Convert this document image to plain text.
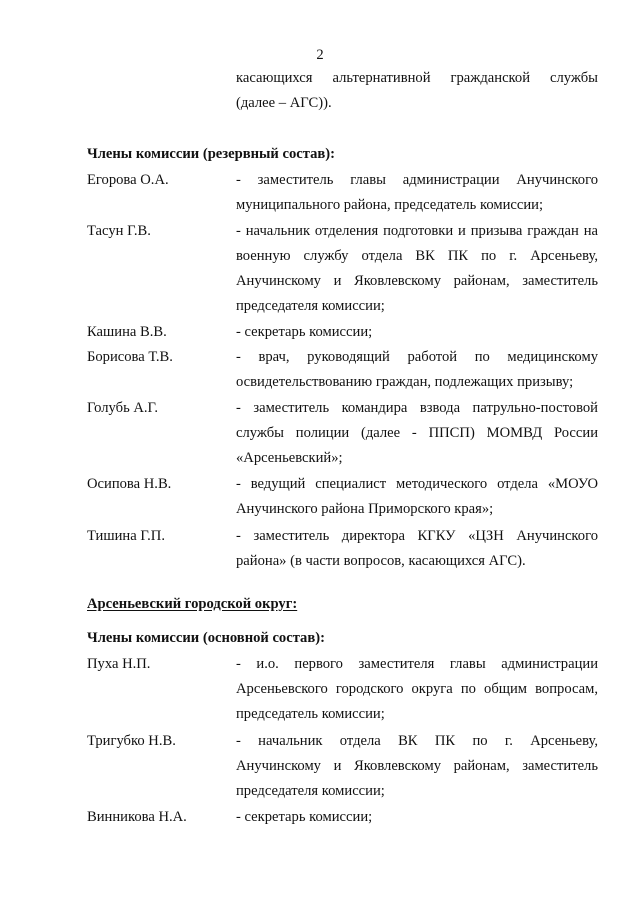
2
касающихся альтернативной гражданской службы
(далее – АГС)).
Члены комиссии (резервный состав):
Егорова О.А.	- заместитель главы администрации Анучинского
муниципального района, председатель комиссии;
Тасун Г.В.	- начальник отделения подготовки и призыва граждан на
военную службу отдела ВК ПК по г. Арсеньеву,
Анучинскому и Яковлевскому районам, заместитель
председателя комиссии;
Кашина В.В.	- секретарь комиссии;
Борисова Т.В.	- врач, руководящий работой по медицинскому
освидетельствованию граждан, подлежащих призыву;
Голубь А.Г.	- заместитель командира взвода патрульно-постовой
службы полиции (далее - ППСП) МОМВД России
«Арсеньевский»;
Осипова Н.В.	- ведущий специалист методического отдела «МОУО
Анучинского района Приморского края»;
Тишина Г.П.	- заместитель директора КГКУ «ЦЗН Анучинского
района» (в части вопросов, касающихся АГС).
Арсеньевский городской округ:
Члены комиссии (основной состав):
Пуха Н.П.	- и.о. первого заместителя главы администрации
Арсеньевского городского округа по общим вопросам,
председатель комиссии;
Тригубко Н.В.	- начальник отдела ВК ПК по г. Арсеньеву,
Анучинскому и Яковлевскому районам, заместитель
председателя комиссии;
Винникова Н.А.	- секретарь комиссии;
